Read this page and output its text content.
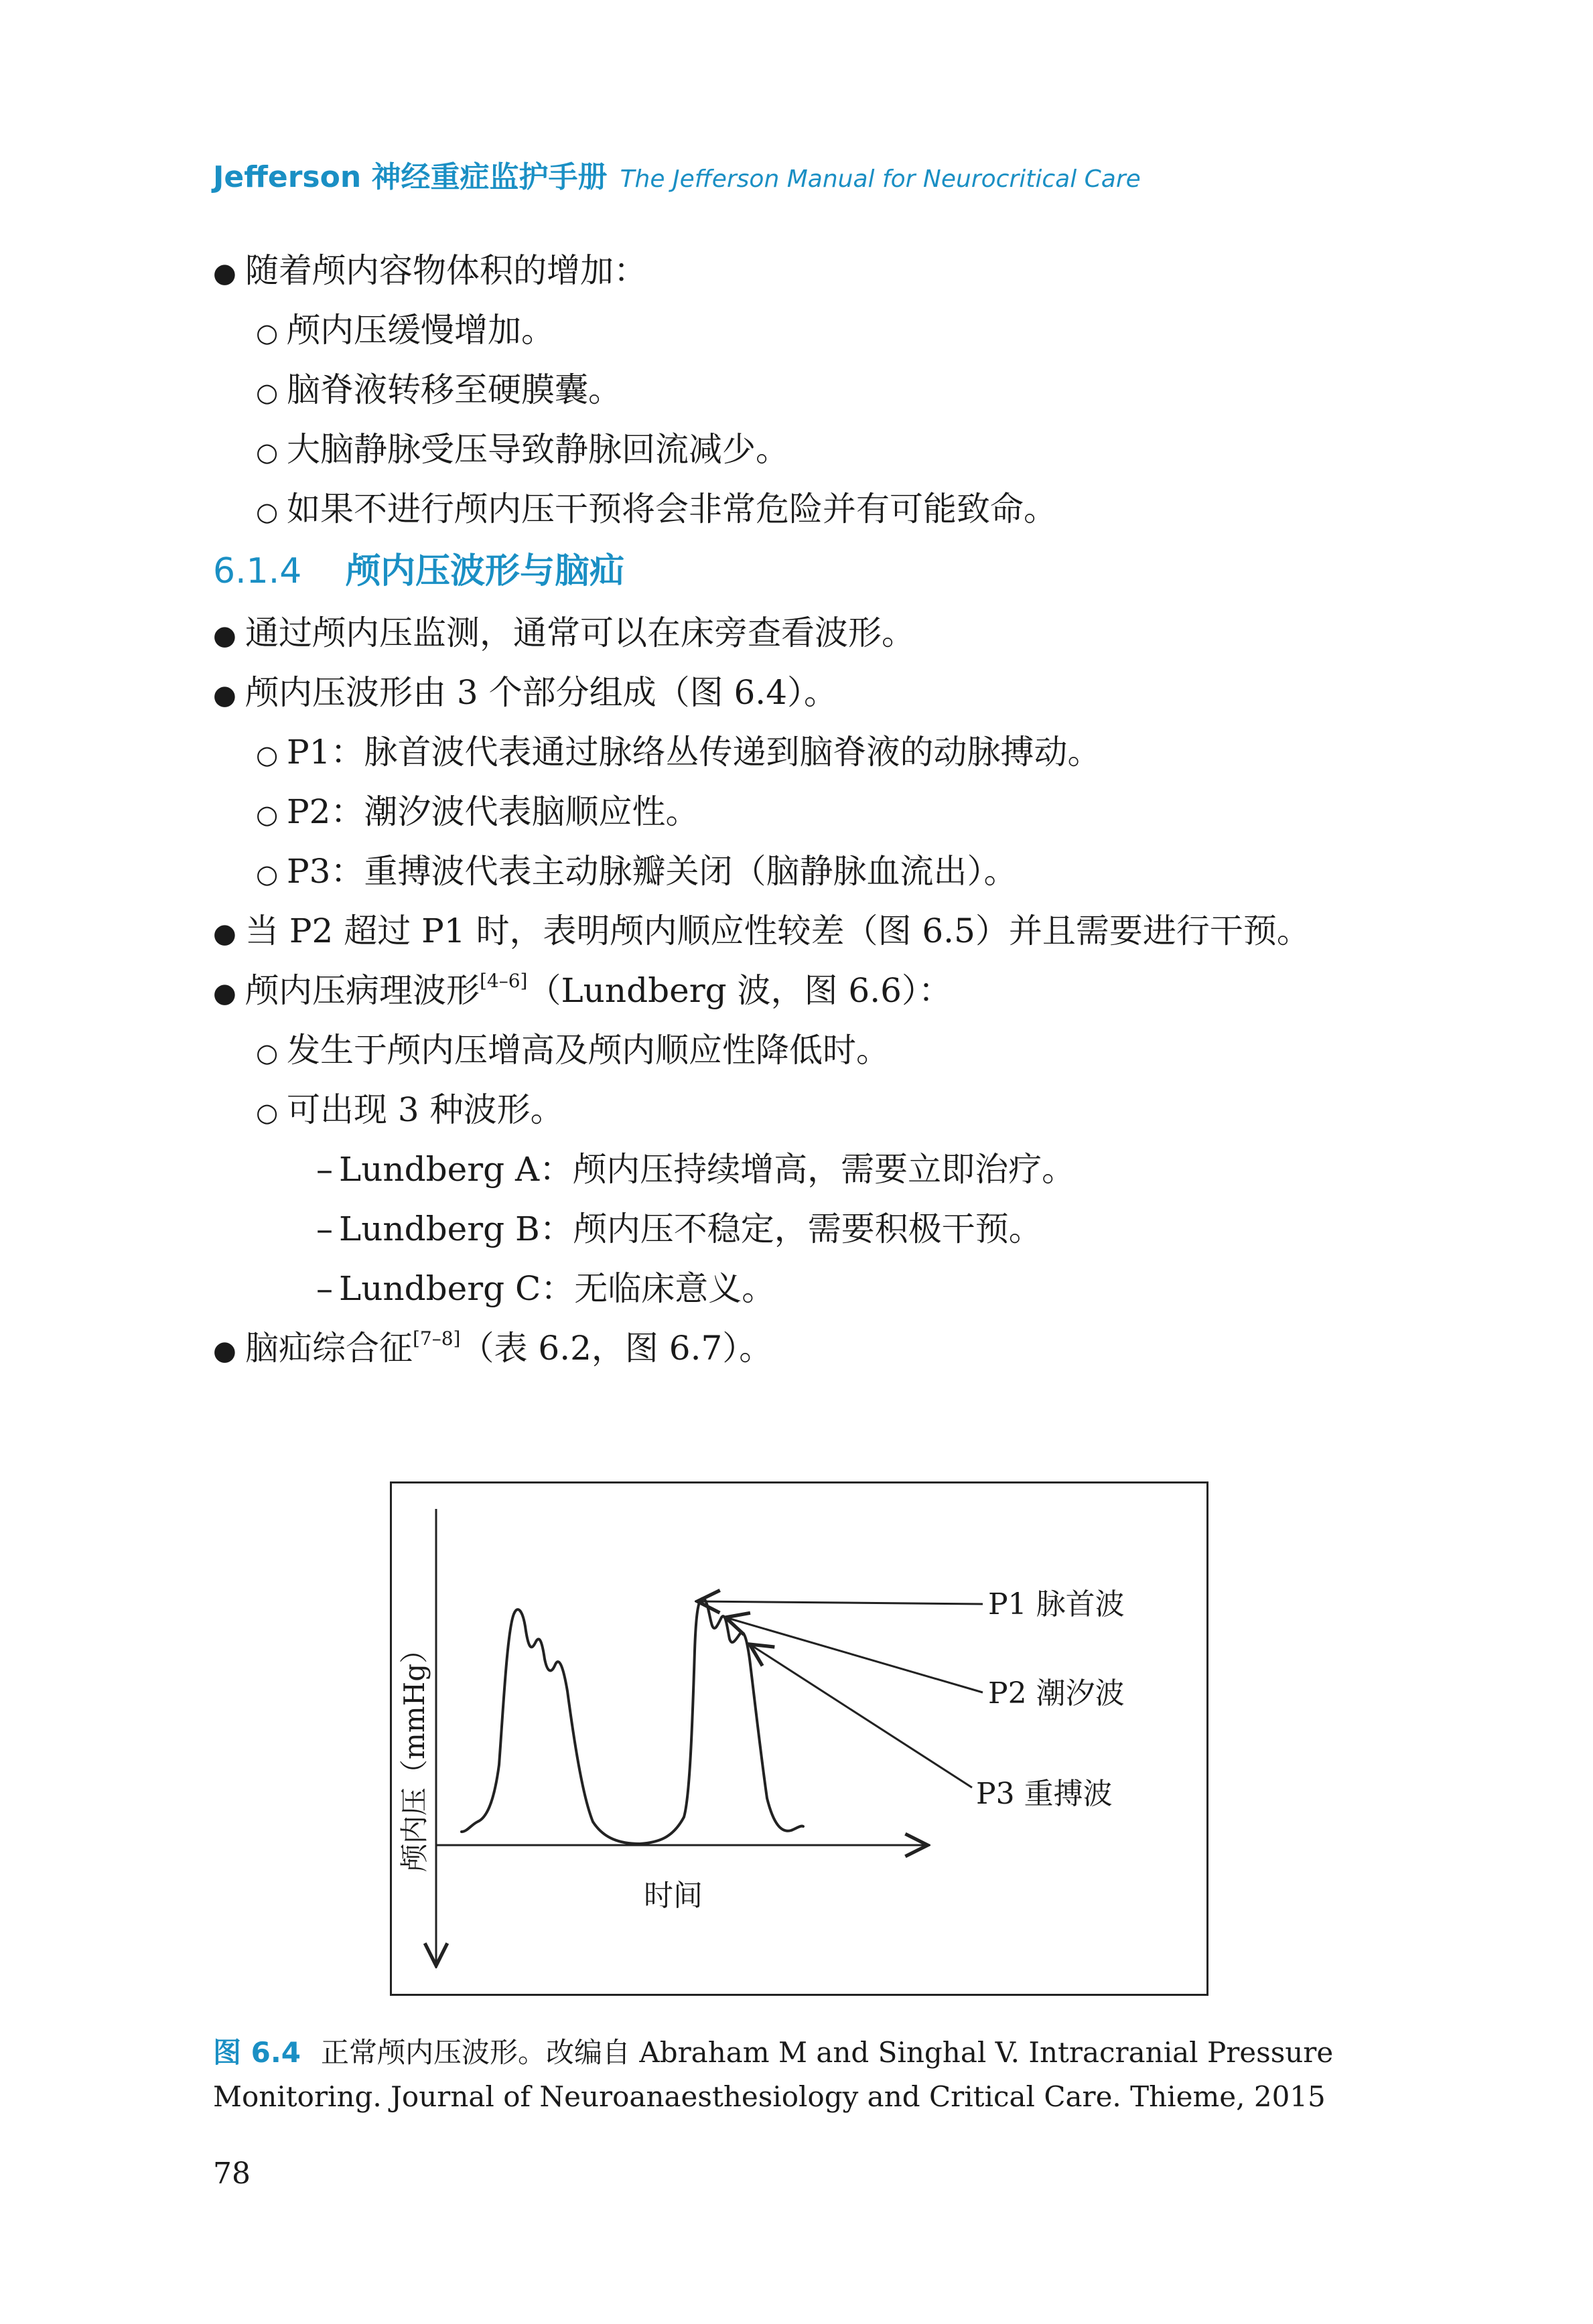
Jefferson 神经重症监护手册 The Jefferson Manual for Neurocritical Care
● 随着颅内容物体积的增加：
○ 颅内压缓慢增加。
○ 脑脊液转移至硬膜囊。
○ 大脑静脉受压导致静脉回流减少。
○ 如果不进行颅内压干预将会非常危险并有可能致命。
6.1.4 颅内压波形与脑疝
● 通过颅内压监测，通常可以在床旁查看波形。
● 颅内压波形由 3 个部分组成（图 6.4）。
○ P1：脉首波代表通过脉络丛传递到脑脊液的动脉搏动。
○ P2：潮汐波代表脑顺应性。
○ P3：重搏波代表主动脉瓣关闭（脑静脉血流出）。
● 当 P2 超过 P1 时，表明颅内顺应性较差（图 6.5）并且需要进行干预。
● 颅内压病理波形[4–6]（Lundberg 波，图 6.6）：
○ 发生于颅内压增高及颅内顺应性降低时。
○ 可出现 3 种波形。
– Lundberg A：颅内压持续增高，需要立即治疗。
– Lundberg B：颅内压不稳定，需要积极干预。
– Lundberg C：无临床意义。
● 脑疝综合征[7–8]（表 6.2，图 6.7）。
P1 脉首波
P2 潮汐波
P3 重搏波
时间
颅内压（mmHg）
图 6.4 正常颅内压波形。改编自 Abraham M and Singhal V. Intracranial Pressure Monitoring. Journal of Neuroanaesthesiology and Critical Care. Thieme, 2015
78
